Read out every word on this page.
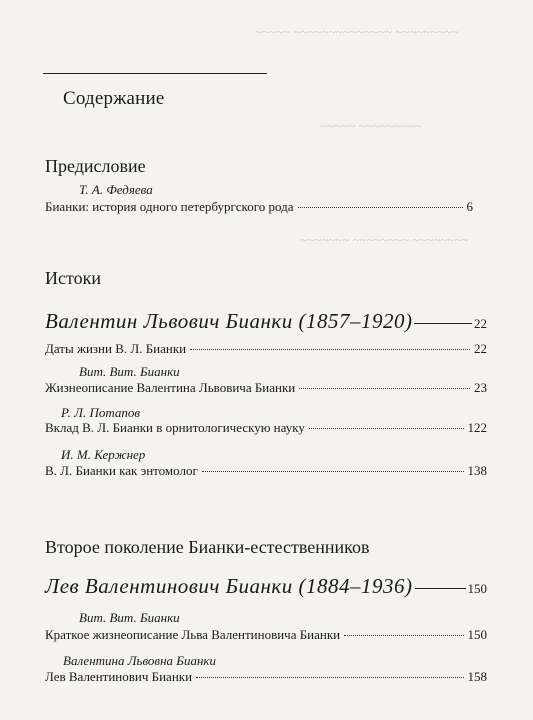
~~~~~ ~~~~~~~~~~~~~~ ~~~~~~~~~
~~~~~ ~~~~~~~~~
~~~~~~~ ~~~~~~~~ ~~~~~~~~
Содержание
Предисловие
Т. А. Федяева
Бианки: история одного петербургского рода	6
Истоки
Валентин Львович Бианки (1857–1920)	22
Даты жизни В. Л. Бианки	22
Вит. Вит. Бианки
Жизнеописание Валентина Львовича Бианки	23
Р. Л. Потапов
Вклад В. Л. Бианки в орнитологическую науку	122
И. М. Кержнер
В. Л. Бианки как энтомолог	138
Второе поколение Бианки-естественников
Лев Валентинович Бианки (1884–1936)	150
Вит. Вит. Бианки
Краткое жизнеописание Льва Валентиновича Бианки	150
Валентина Львовна Бианки
Лев Валентинович Бианки	158
